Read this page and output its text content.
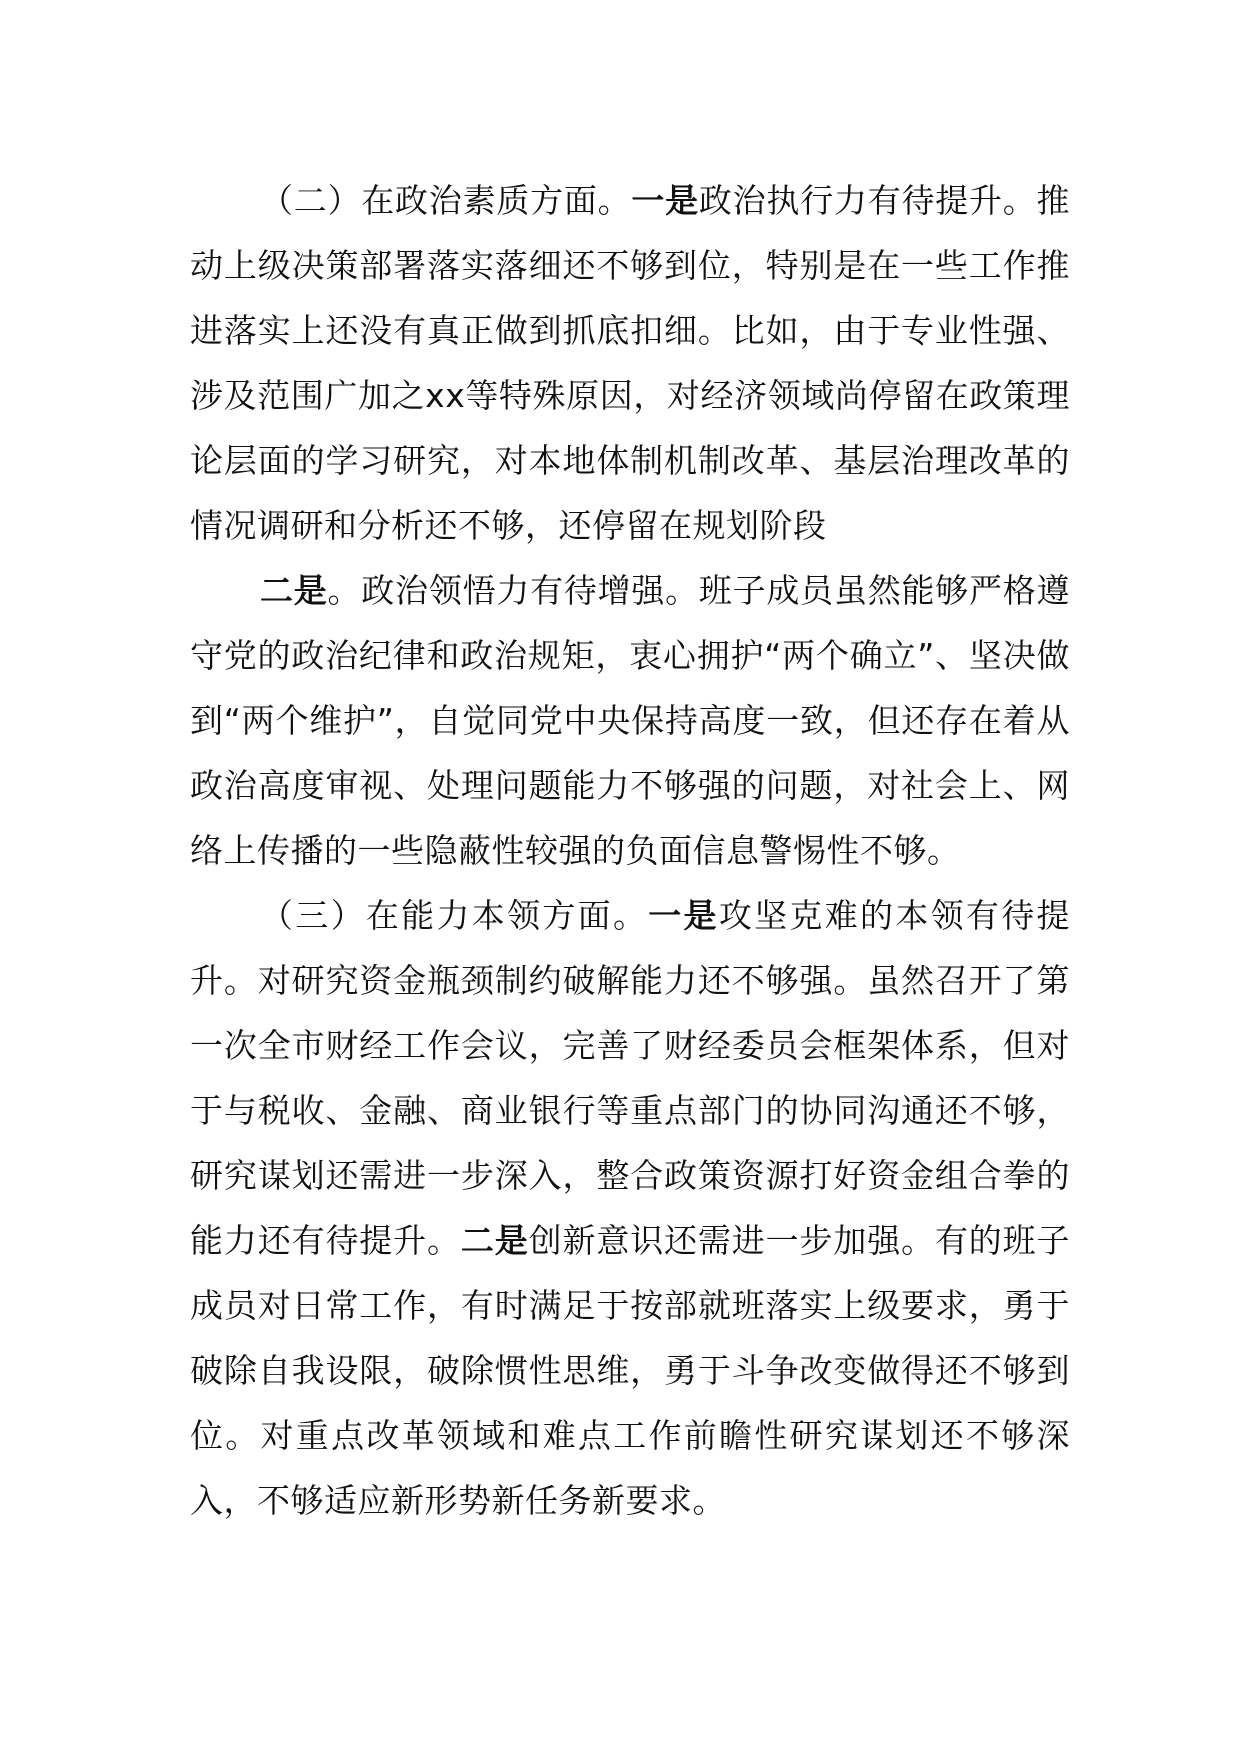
（二）在政治素质方面。一是政治执行力有待提升。推动上级决策部署落实落细还不够到位，特别是在一些工作推进落实上还没有真正做到抓底扣细。比如，由于专业性强、涉及范围广加之xx等特殊原因，对经济领域尚停留在政策理论层面的学习研究，对本地体制机制改革、基层治理改革的情况调研和分析还不够，还停留在规划阶段

二是。政治领悟力有待增强。班子成员虽然能够严格遵守党的政治纪律和政治规矩，衷心拥护“两个确立”、坚决做到“两个维护”，自觉同党中央保持高度一致，但还存在着从政治高度审视、处理问题能力不够强的问题，对社会上、网络上传播的一些隐蔽性较强的负面信息警惕性不够。

（三）在能力本领方面。一是攻坚克难的本领有待提升。对研究资金瓶颈制约破解能力还不够强。虽然召开了第一次全市财经工作会议，完善了财经委员会框架体系，但对于与税收、金融、商业银行等重点部门的协同沟通还不够，研究谋划还需进一步深入，整合政策资源打好资金组合拳的能力还有待提升。二是创新意识还需进一步加强。有的班子成员对日常工作，有时满足于按部就班落实上级要求，勇于破除自我设限，破除惯性思维，勇于斗争改变做得还不够到位。对重点改革领域和难点工作前瞻性研究谋划还不够深入，不够适应新形势新任务新要求。
